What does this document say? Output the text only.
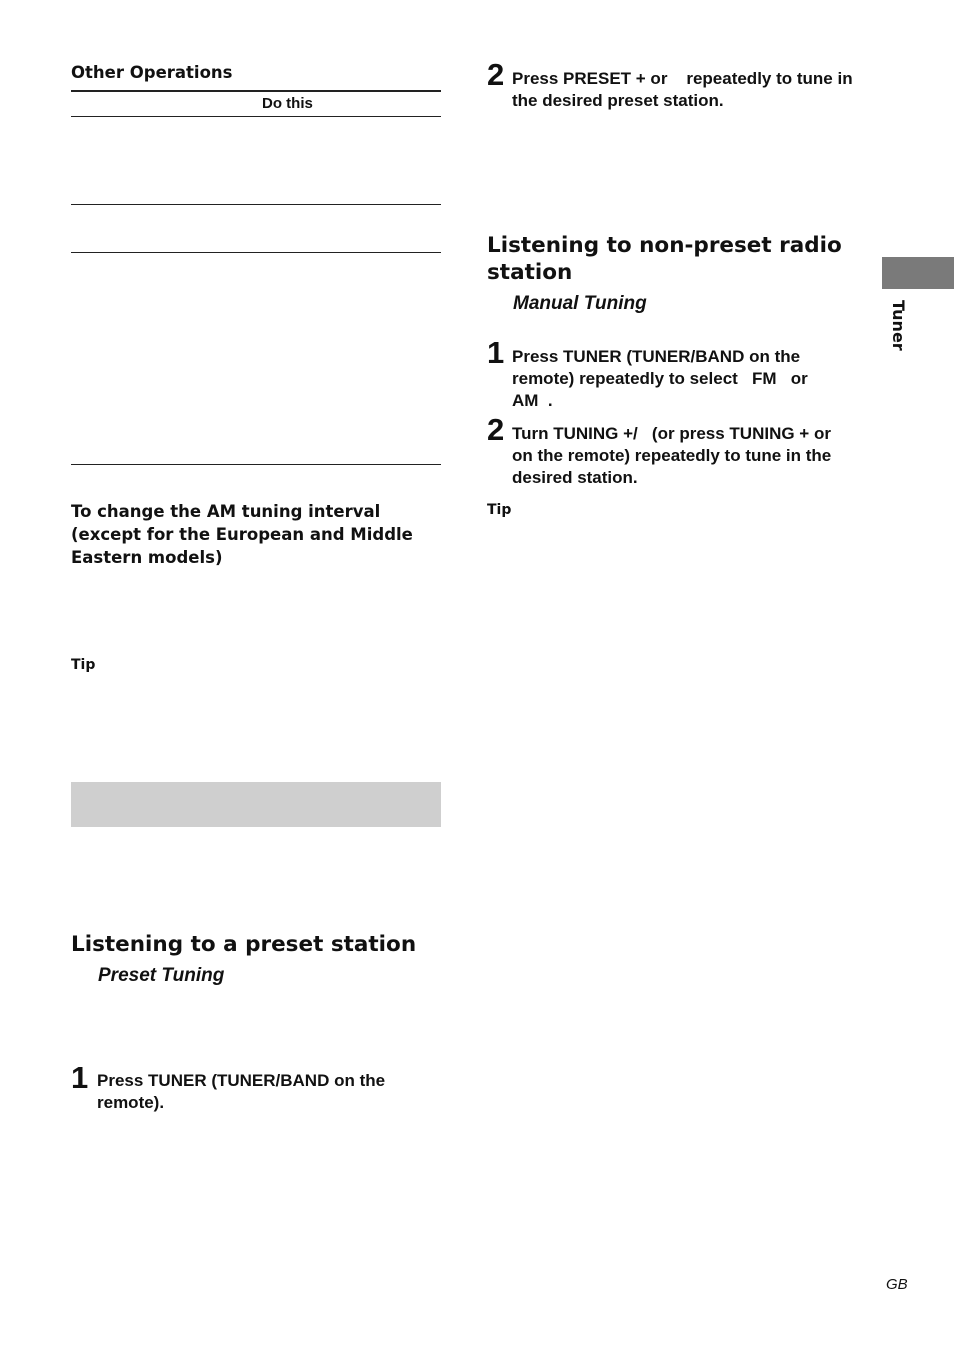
Other Operations
Do this
To change the AM tuning interval (except for the European and Middle Eastern models)
Tip
Listening to a preset station
Preset Tuning
1 Press TUNER (TUNER/BAND on the remote).
2 Press PRESET + or    repeatedly to tune in the desired preset station.
Listening to non-preset radio station
Manual Tuning
1 Press TUNER (TUNER/BAND on the remote) repeatedly to select   FM   or   AM  .
2 Turn TUNING +/   (or press TUNING + or    on the remote) repeatedly to tune in the desired station.
Tip
Tuner
GB
